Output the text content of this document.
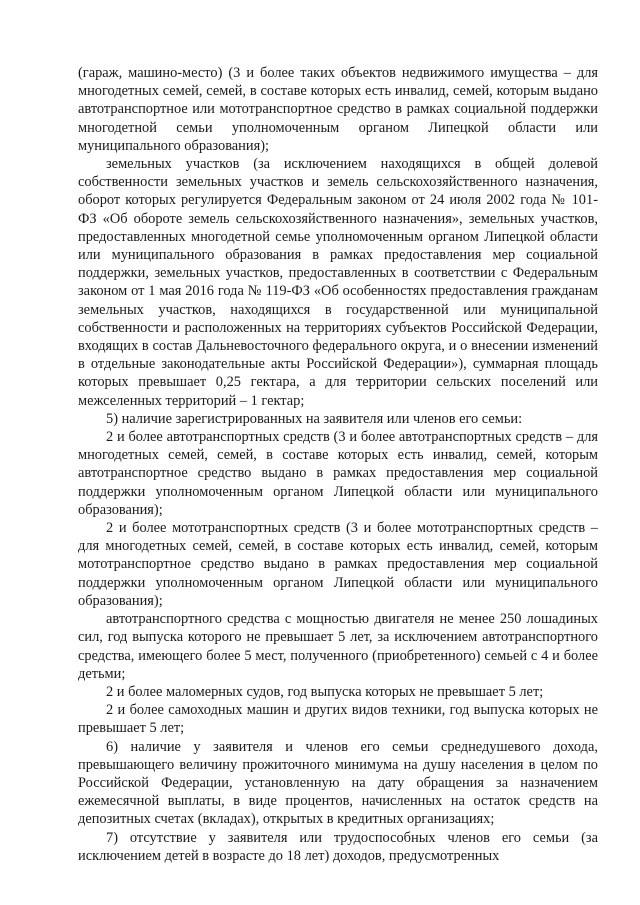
(гараж, машино-место) (3 и более таких объектов недвижимого имущества – для многодетных семей, семей, в составе которых есть инвалид, семей, которым выдано автотранспортное или мототранспортное средство в рамках социальной поддержки многодетной семьи уполномоченным органом Липецкой области или муниципального образования);

земельных участков (за исключением находящихся в общей долевой собственности земельных участков и земель сельскохозяйственного назначения, оборот которых регулируется Федеральным законом от 24 июля 2002 года № 101-ФЗ «Об обороте земель сельскохозяйственного назначения», земельных участков, предоставленных многодетной семье уполномоченным органом Липецкой области или муниципального образования в рамках предоставления мер социальной поддержки, земельных участков, предоставленных в соответствии с Федеральным законом от 1 мая 2016 года № 119-ФЗ «Об особенностях предоставления гражданам земельных участков, находящихся в государственной или муниципальной собственности и расположенных на территориях субъектов Российской Федерации, входящих в состав Дальневосточного федерального округа, и о внесении изменений в отдельные законодательные акты Российской Федерации»), суммарная площадь которых превышает 0,25 гектара, а для территории сельских поселений или межселенных территорий – 1 гектар;

5) наличие зарегистрированных на заявителя или членов его семьи:

2 и более автотранспортных средств (3 и более автотранспортных средств – для многодетных семей, семей, в составе которых есть инвалид, семей, которым автотранспортное средство выдано в рамках предоставления мер социальной поддержки уполномоченным органом Липецкой области или муниципального образования);

2 и более мототранспортных средств (3 и более мототранспортных средств – для многодетных семей, семей, в составе которых есть инвалид, семей, которым мототранспортное средство выдано в рамках предоставления мер социальной поддержки уполномоченным органом Липецкой области или муниципального образования);

автотранспортного средства с мощностью двигателя не менее 250 лошадиных сил, год выпуска которого не превышает 5 лет, за исключением автотранспортного средства, имеющего более 5 мест, полученного (приобретенного) семьей с 4 и более детьми;

2 и более маломерных судов, год выпуска которых не превышает 5 лет;

2 и более самоходных машин и других видов техники, год выпуска которых не превышает 5 лет;

6) наличие у заявителя и членов его семьи среднедушевого дохода, превышающего величину прожиточного минимума на душу населения в целом по Российской Федерации, установленную на дату обращения за назначением ежемесячной выплаты, в виде процентов, начисленных на остаток средств на депозитных счетах (вкладах), открытых в кредитных организациях;

7) отсутствие у заявителя или трудоспособных членов его семьи (за исключением детей в возрасте до 18 лет) доходов, предусмотренных
